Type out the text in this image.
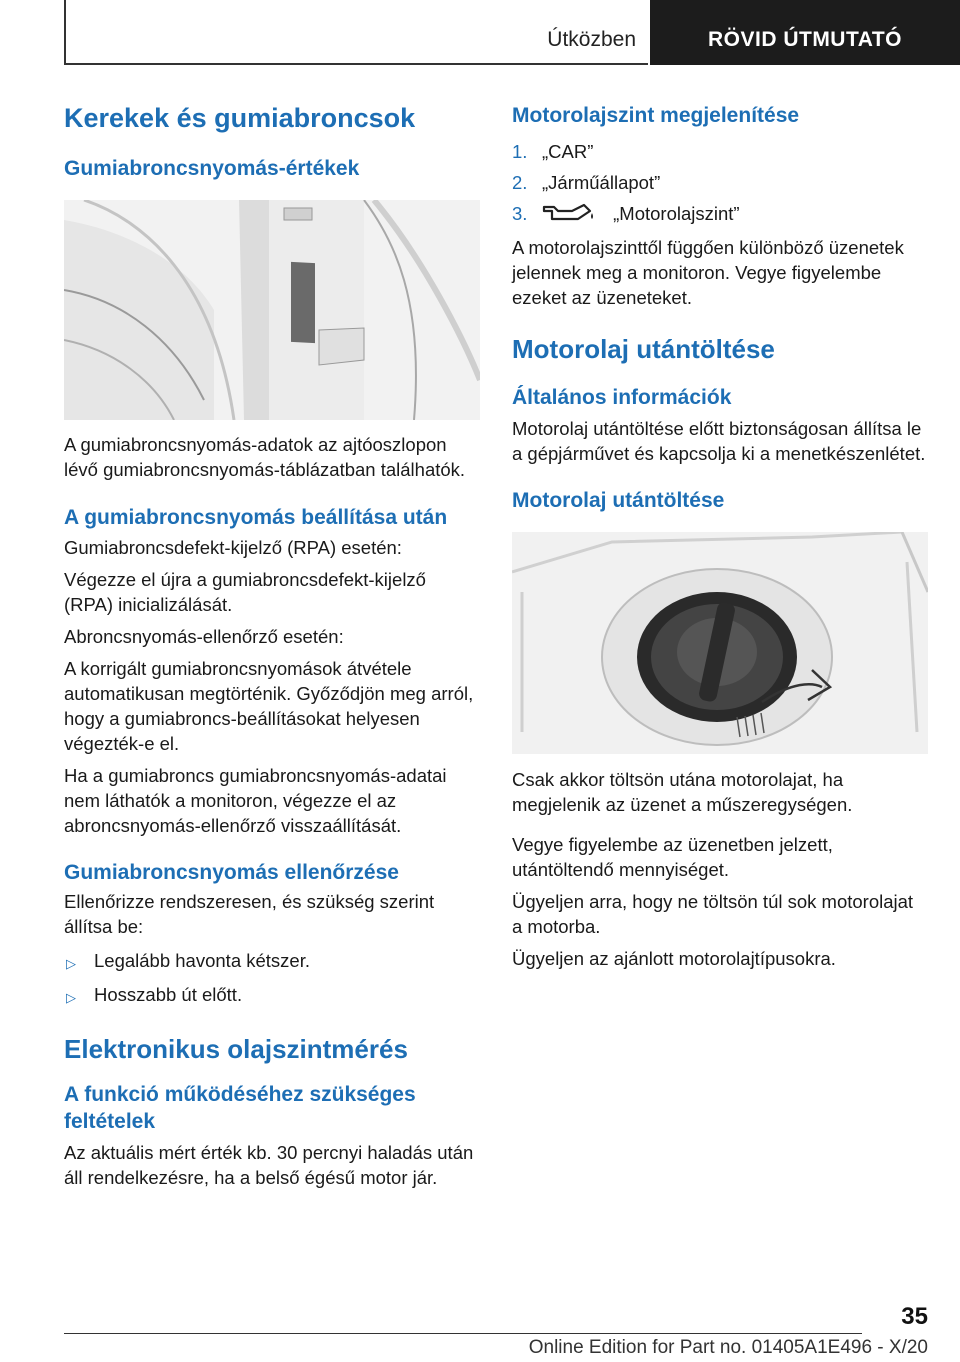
Útközben	RÖVID ÚTMUTATÓ
Kerekek és gumiabroncsok
Gumiabroncsnyomás-értékek

A gumiabroncsnyomás-adatok az ajtóoszlopon lévő gumiabroncsnyomás-táblázatban találhatók.

A gumiabroncsnyomás beállítása után

Gumiabroncsdefekt-kijelző (RPA) esetén:

Végezze el újra a gumiabroncsdefekt-kijelző (RPA) inicializálását.

Abroncsnyomás-ellenőrző esetén:

A korrigált gumiabroncsnyomások átvétele automatikusan megtörténik. Győződjön meg arról, hogy a gumiabroncs-beállításokat helyesen végezték-e el.

Ha a gumiabroncs gumiabroncsnyomás-adatai nem láthatók a monitoron, végezze el az abroncsnyomás-ellenőrző visszaállítását.

Gumiabroncsnyomás ellenőrzése

Ellenőrizze rendszeresen, és szükség szerint állítsa be:

▷ Legalább havonta kétszer.
▷ Hosszabb út előtt.
Elektronikus olajszintmérés
A funkció működéséhez szükséges feltételek

Az aktuális mért érték kb. 30 percnyi haladás után áll rendelkezésre, ha a belső égésű motor jár.

Motorolajszint megjelenítése
1. „CAR”
2. „Járműállapot”
3.	„Motorolajszint”

A motorolajszinttől függően különböző üzenetek jelennek meg a monitoron. Vegye figyelembe ezeket az üzeneteket.

Motorolaj utántöltése
Általános információk

Motorolaj utántöltése előtt biztonságosan állítsa le a gépjárművet és kapcsolja ki a menetkészenlétet.

Motorolaj utántöltése

Csak akkor töltsön utána motorolajat, ha megjelenik az üzenet a műszeregységen.

Vegye figyelembe az üzenetben jelzett, utántöltendő mennyiséget.

Ügyeljen arra, hogy ne töltsön túl sok motorolajat a motorba.

Ügyeljen az ajánlott motorolajtípusokra.

35
Online Edition for Part no. 01405A1E496 - X/20
